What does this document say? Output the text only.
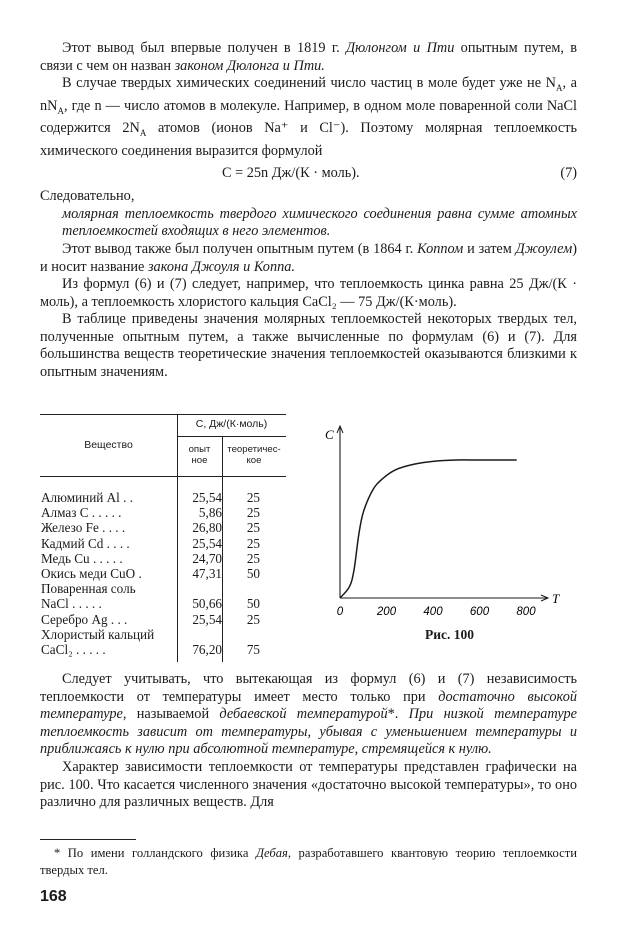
Этот вывод был впервые получен в 1819 г. Дюлонгом и Пти опытным путем, в связи с чем он назван законом Дюлонга и Пти.

В случае твердых химических соединений число частиц в моле будет уже не $N_A$, а $nN_A$, где n — число атомов в молекуле. Например, в одном моле поваренной соли NaCl содержится $2N_A$ атомов (ионов Na⁺ и Cl⁻). Поэтому молярная теплоемкость химического соединения выразится формулой

C = 25n Дж/(К · моль).	(7)

Следовательно,

молярная теплоемкость твердого химического соединения равна сумме атомных теплоемкостей входящих в него элементов.

Этот вывод также был получен опытным путем (в 1864 г. Коппом и затем Джоулем) и носит название закона Джоуля и Коппа.

Из формул (6) и (7) следует, например, что теплоемкость цинка равна 25 Дж/(К · моль), а теплоемкость хлористого кальция CaCl₂ — 75 Дж/(К·моль).

В таблице приведены значения молярных теплоемкостей некоторых твердых тел, полученные опытным путем, а также вычисленные по формулам (6) и (7). Для большинства веществ теоретические значения теплоемкостей оказываются близкими к опытным значениям.

Вещество
C, Дж/(К·моль)
опыт
ное
теоретичес-
кое
Алюминий Al . .	25,54	25
Алмаз C . . . . .	5,86	25
Железо Fe . . . .	26,80	25
Кадмий Cd . . . .	25,54	25
Медь Cu . . . . .	24,70	25
Окись меди CuO .	47,31	50
Поваренная соль
NaCl . . . . .	50,66	50
Серебро Ag . . .	25,54	25
Хлористый кальций
CaCl₂ . . . . .	76,20	75
T
C
0	200 400 600 800
Рис. 100

Следует учитывать, что вытекающая из формул (6) и (7) независимость теплоемкости от температуры имеет место только при достаточно высокой температуре, называемой дебаевской температурой*. При низкой температуре теплоемкость зависит от температуры, убывая с уменьшением температуры и приближаясь к нулю при абсолютной температуре, стремящейся к нулю.

Характер зависимости теплоемкости от температуры представлен графически на рис. 100. Что касается численного значения «достаточно высокой температуры», то оно различно для различных веществ. Для

* По имени голландского физика Дебая, разработавшего квантовую теорию теплоемкости твердых тел.
168
